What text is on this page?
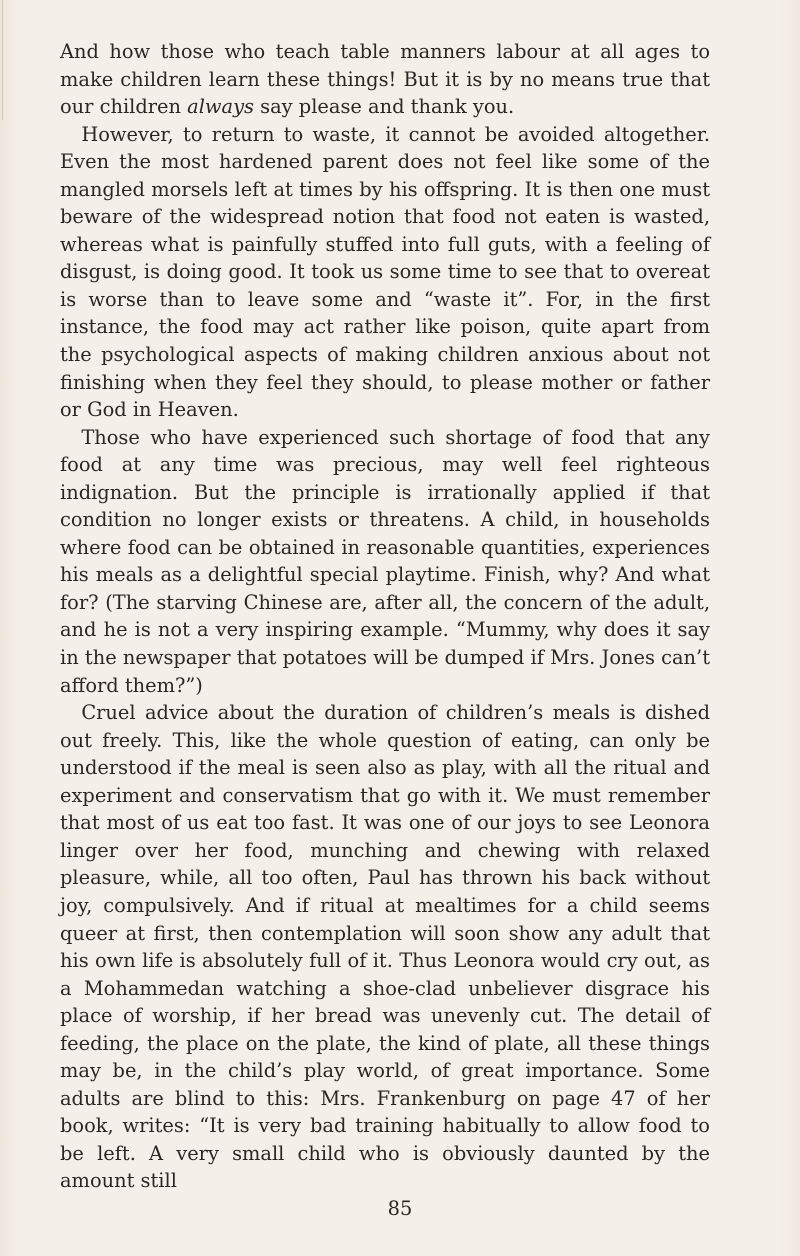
And how those who teach table manners labour at all ages to make children learn these things! But it is by no means true that our children always say please and thank you.

However, to return to waste, it cannot be avoided altogether. Even the most hardened parent does not feel like some of the mangled morsels left at times by his offspring. It is then one must beware of the widespread notion that food not eaten is wasted, whereas what is painfully stuffed into full guts, with a feeling of disgust, is doing good. It took us some time to see that to overeat is worse than to leave some and “waste it”. For, in the first instance, the food may act rather like poison, quite apart from the psychological aspects of making children anxious about not finishing when they feel they should, to please mother or father or God in Heaven.

Those who have experienced such shortage of food that any food at any time was precious, may well feel righteous indignation. But the principle is irrationally applied if that condition no longer exists or threatens. A child, in households where food can be obtained in reasonable quantities, experiences his meals as a delightful special playtime. Finish, why? And what for? (The starving Chinese are, after all, the concern of the adult, and he is not a very inspiring example. “Mummy, why does it say in the newspaper that potatoes will be dumped if Mrs. Jones can’t afford them?”)

Cruel advice about the duration of children’s meals is dished out freely. This, like the whole question of eating, can only be understood if the meal is seen also as play, with all the ritual and experiment and conservatism that go with it. We must remember that most of us eat too fast. It was one of our joys to see Leonora linger over her food, munching and chewing with relaxed pleasure, while, all too often, Paul has thrown his back without joy, compulsively. And if ritual at mealtimes for a child seems queer at first, then contemplation will soon show any adult that his own life is absolutely full of it. Thus Leonora would cry out, as a Mohammedan watching a shoe-clad unbeliever disgrace his place of worship, if her bread was unevenly cut. The detail of feeding, the place on the plate, the kind of plate, all these things may be, in the child’s play world, of great importance. Some adults are blind to this: Mrs. Frankenburg on page 47 of her book, writes: “It is very bad training habitually to allow food to be left. A very small child who is obviously daunted by the amount still

85
